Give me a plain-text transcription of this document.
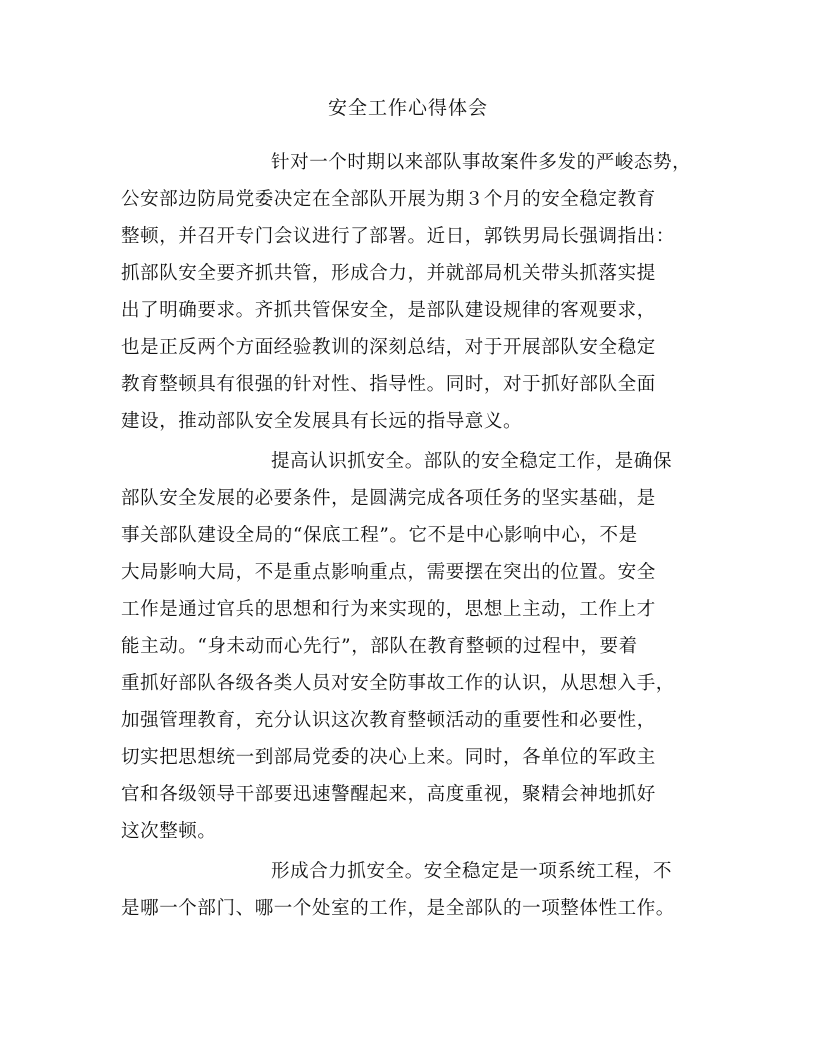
安全工作心得体会
针对一个时期以来部队事故案件多发的严峻态势，
公安部边防局党委决定在全部队开展为期３个月的安全稳定教育
整顿，并召开专门会议进行了部署。近日，郭铁男局长强调指出：
抓部队安全要齐抓共管，形成合力，并就部局机关带头抓落实提
出了明确要求。齐抓共管保安全，是部队建设规律的客观要求，
也是正反两个方面经验教训的深刻总结，对于开展部队安全稳定
教育整顿具有很强的针对性、指导性。同时，对于抓好部队全面
建设，推动部队安全发展具有长远的指导意义。
提高认识抓安全。部队的安全稳定工作，是确保
部队安全发展的必要条件，是圆满完成各项任务的坚实基础，是
事关部队建设全局的“保底工程”。它不是中心影响中心，不是
大局影响大局，不是重点影响重点，需要摆在突出的位置。安全
工作是通过官兵的思想和行为来实现的，思想上主动，工作上才
能主动。“身未动而心先行”，部队在教育整顿的过程中，要着
重抓好部队各级各类人员对安全防事故工作的认识，从思想入手，
加强管理教育，充分认识这次教育整顿活动的重要性和必要性，
切实把思想统一到部局党委的决心上来。同时，各单位的军政主
官和各级领导干部要迅速警醒起来，高度重视，聚精会神地抓好
这次整顿。
形成合力抓安全。安全稳定是一项系统工程，不
是哪一个部门、哪一个处室的工作，是全部队的一项整体性工作。
